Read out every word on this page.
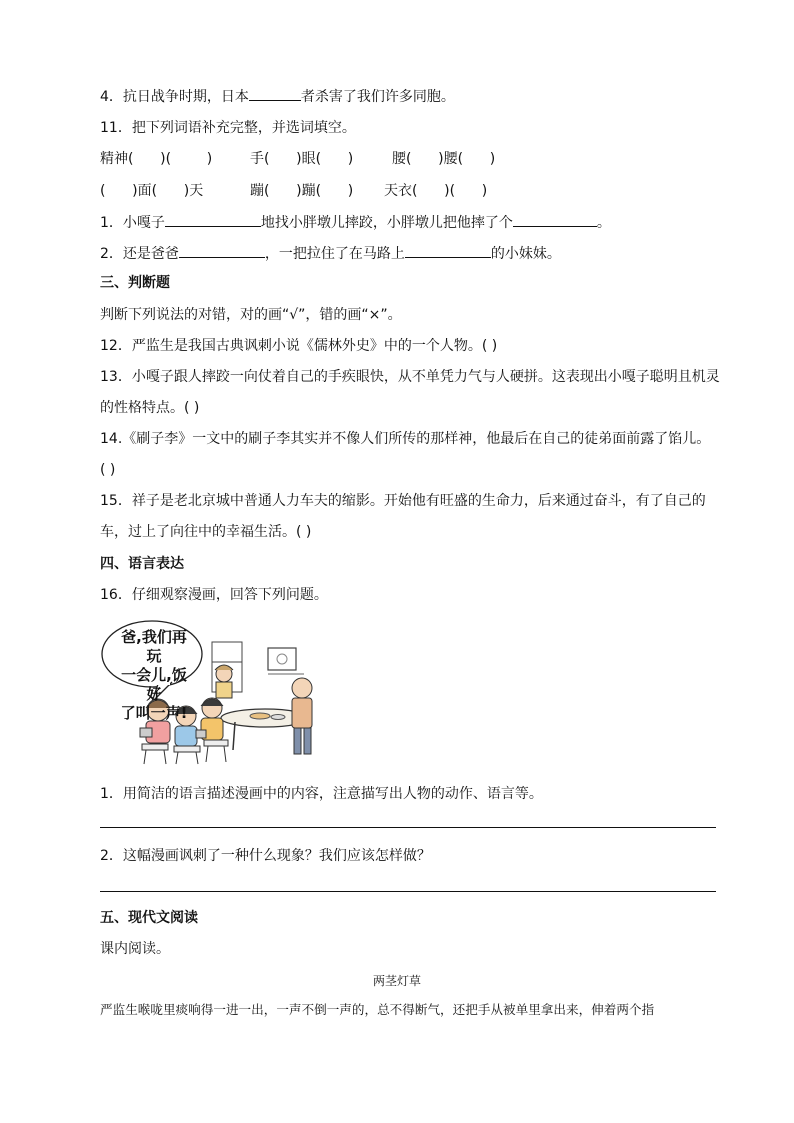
4．抗日战争时期，日本	者杀害了我们许多同胞。
11．把下列词语补充完整，并选词填空。
精神(      )(        )	手(      )眼(      )	腰(      )腰(      )
(      )面(      )天	蹦(      )蹦(      ) 天衣(      )(      )
1．小嘎子	地找小胖墩儿摔跤，小胖墩儿把他摔了个	。
2．还是爸爸	，一把拉住了在马路上	的小妹妹。
三、判断题
判断下列说法的对错，对的画“√”，错的画“×”。
12．严监生是我国古典讽刺小说《儒林外史》中的一个人物。( )
13．小嘎子跟人摔跤一向仗着自己的手疾眼快，从不单凭力气与人硬拼。这表现出小嘎子聪明且机灵
的性格特点。( )
14.《刷子李》一文中的刷子李其实并不像人们所传的那样神，他最后在自己的徒弟面前露了馅儿。
( )
15．祥子是老北京城中普通人力车夫的缩影。开始他有旺盛的生命力，后来通过奋斗，有了自己的
车，过上了向往中的幸福生活。( )
四、语言表达
16．仔细观察漫画，回答下列问题。
爸,我们再玩
一会儿,饭好
了叫一声!
1．用简洁的语言描述漫画中的内容，注意描写出人物的动作、语言等。
2．这幅漫画讽刺了一种什么现象？我们应该怎样做？
五、现代文阅读
课内阅读。
两茎灯草
严监生喉咙里痰响得一进一出，一声不倒一声的，总不得断气，还把手从被单里拿出来，伸着两个指
